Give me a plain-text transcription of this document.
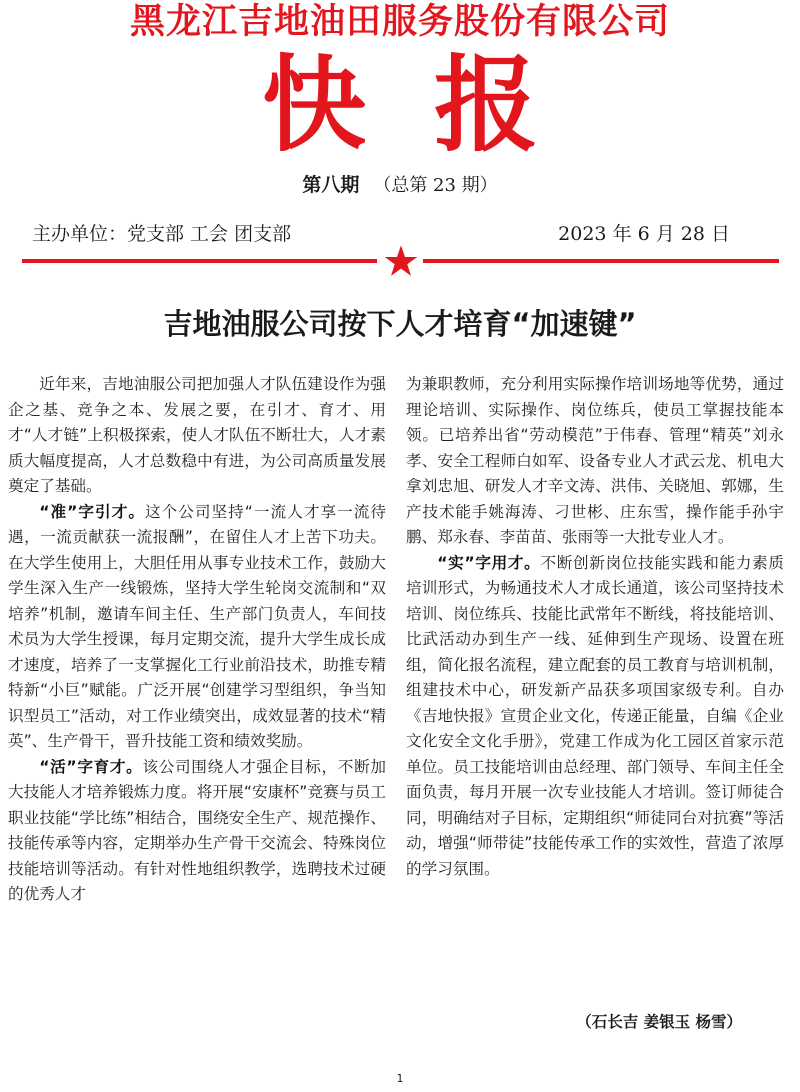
黑龙江吉地油田服务股份有限公司
快报
第八期 （总第 23 期）
主办单位：党支部 工会 团支部	2023 年 6 月 28 日
吉地油服公司按下人才培育“加速键”

近年来，吉地油服公司把加强人才队伍建设作为强企之基、竞争之本、发展之要，在引才、育才、用才“人才链”上积极探索，使人才队伍不断壮大，人才素质大幅度提高，人才总数稳中有进，为公司高质量发展奠定了基础。

“准”字引才。这个公司坚持“一流人才享一流待遇，一流贡献获一流报酬”，在留住人才上苦下功夫。在大学生使用上，大胆任用从事专业技术工作，鼓励大学生深入生产一线锻炼，坚持大学生轮岗交流制和“双培养”机制，邀请车间主任、生产部门负责人，车间技术员为大学生授课，每月定期交流，提升大学生成长成才速度，培养了一支掌握化工行业前沿技术，助推专精特新“小巨”赋能。广泛开展“创建学习型组织，争当知识型员工”活动，对工作业绩突出，成效显著的技术“精英”、生产骨干，晋升技能工资和绩效奖励。

“活”字育才。该公司围绕人才强企目标，不断加大技能人才培养锻炼力度。将开展“安康杯”竞赛与员工职业技能“学比练”相结合，围绕安全生产、规范操作、技能传承等内容，定期举办生产骨干交流会、特殊岗位技能培训等活动。有针对性地组织教学，选聘技术过硬的优秀人才

为兼职教师，充分利用实际操作培训场地等优势，通过理论培训、实际操作、岗位练兵，使员工掌握技能本领。已培养出省“劳动模范”于伟春、管理“精英”刘永孝、安全工程师白如军、设备专业人才武云龙、机电大拿刘忠旭、研发人才辛文涛、洪伟、关晓旭、郭娜，生产技术能手姚海涛、刁世彬、庄东雪，操作能手孙宇鹏、郑永春、李苗苗、张雨等一大批专业人才。

“实”字用才。不断创新岗位技能实践和能力素质培训形式，为畅通技术人才成长通道，该公司坚持技术培训、岗位练兵、技能比武常年不断线，将技能培训、比武活动办到生产一线、延伸到生产现场、设置在班组，简化报名流程，建立配套的员工教育与培训机制，组建技术中心，研发新产品获多项国家级专利。自办《吉地快报》宣贯企业文化，传递正能量，自编《企业文化安全文化手册》，党建工作成为化工园区首家示范单位。员工技能培训由总经理、部门领导、车间主任全面负责，每月开展一次专业技能人才培训。签订师徒合同，明确结对子目标，定期组织“师徒同台对抗赛”等活动，增强“师带徒”技能传承工作的实效性，营造了浓厚的学习氛围。

（石长吉 姜银玉 杨雪）
1
